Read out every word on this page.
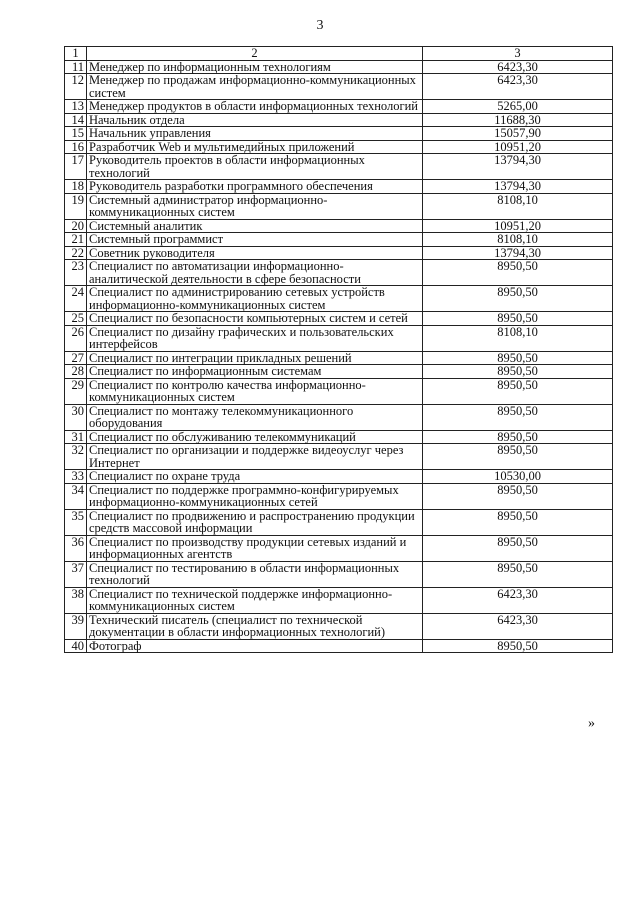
3
1	2	3
11	Менеджер по информационным технологиям	6423,30
12	Менеджер по продажам информационно-коммуникационных систем	6423,30
13	Менеджер продуктов в области информационных технологий	5265,00
14	Начальник отдела	11688,30
15	Начальник управления	15057,90
16	Разработчик Web и мультимедийных приложений	10951,20
17	Руководитель проектов в области информационных технологий	13794,30
18	Руководитель разработки программного обеспечения	13794,30
19	Системный администратор информационно-коммуникационных систем	8108,10
20	Системный аналитик	10951,20
21	Системный программист	8108,10
22	Советник руководителя	13794,30
23	Специалист по автоматизации информационно-аналитической деятельности в сфере безопасности	8950,50
24	Специалист по администрированию сетевых устройств информационно-коммуникационных систем	8950,50
25	Специалист по безопасности компьютерных систем и сетей	8950,50
26	Специалист по дизайну графических и пользовательских интерфейсов	8108,10
27	Специалист по интеграции прикладных решений	8950,50
28	Специалист по информационным системам	8950,50
29	Специалист по контролю качества информационно-коммуникационных систем	8950,50
30	Специалист по монтажу телекоммуникационного оборудования	8950,50
31	Специалист по обслуживанию телекоммуникаций	8950,50
32	Специалист по организации и поддержке видеоуслуг через Интернет	8950,50
33	Специалист по охране труда	10530,00
34	Специалист по поддержке программно-конфигурируемых информационно-коммуникационных сетей	8950,50
35	Специалист по продвижению и распространению продукции средств массовой информации	8950,50
36	Специалист по производству продукции сетевых изданий и информационных агентств	8950,50
37	Специалист по тестированию в области информационных технологий	8950,50
38	Специалист по технической поддержке информационно-коммуникационных систем	6423,30
39	Технический писатель (специалист по технической документации в области информационных технологий)	6423,30
40	Фотограф	8950,50
»
